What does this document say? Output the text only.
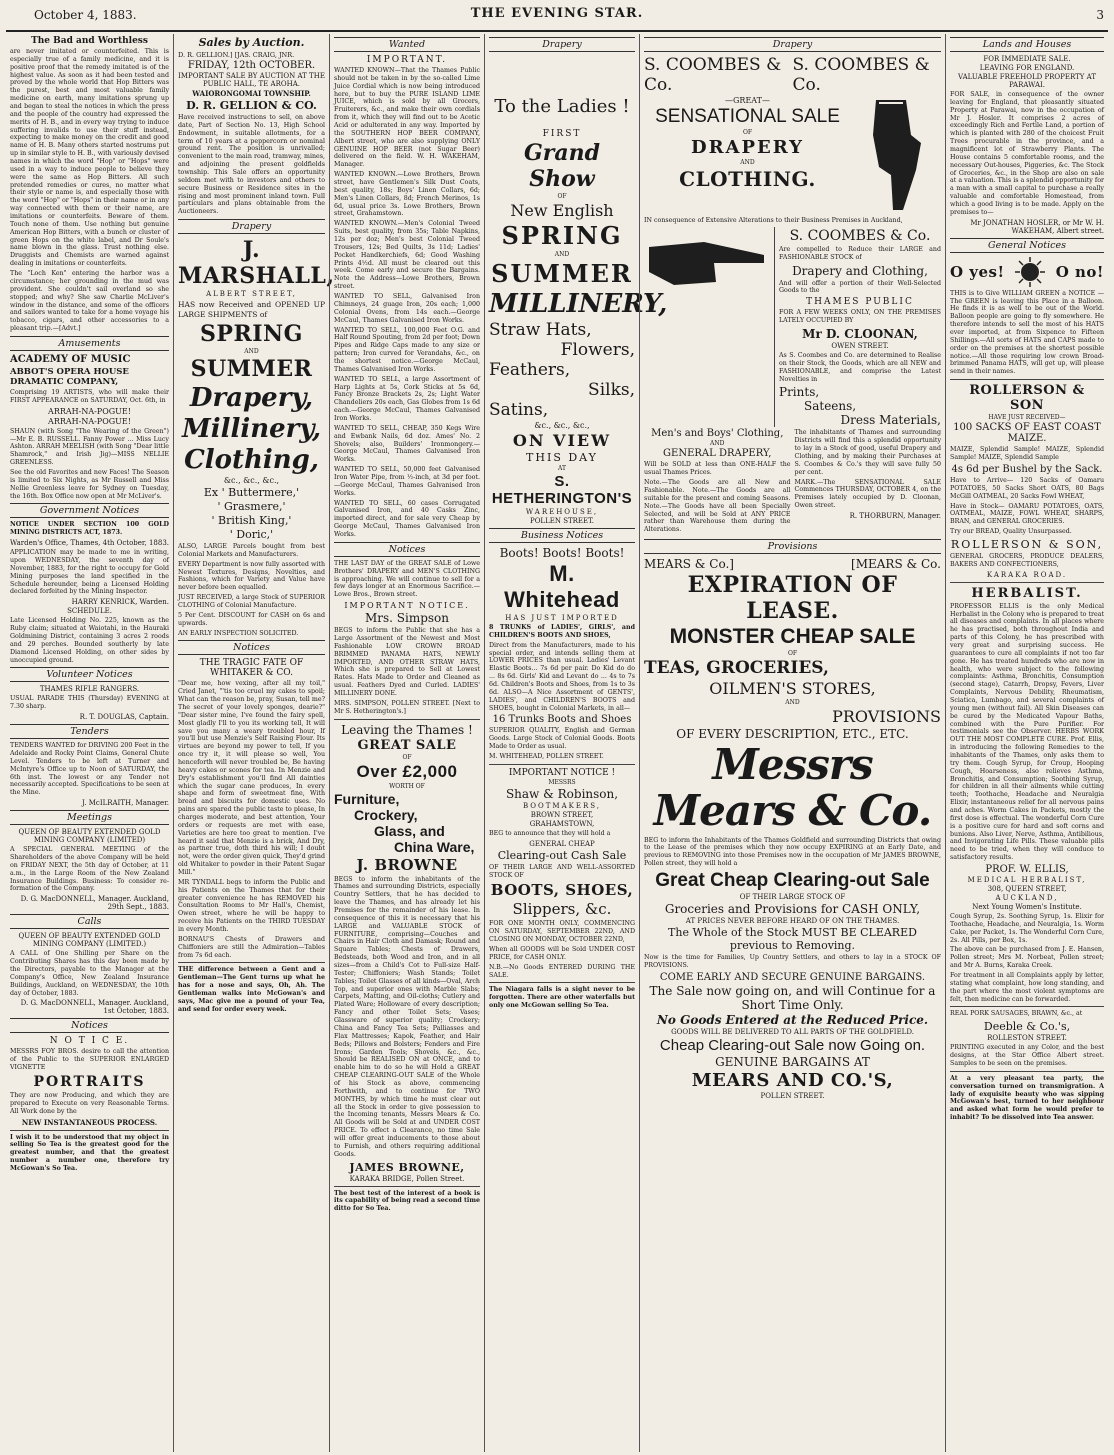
October 4, 1883.	THE EVENING STAR.	3
The Bad and Worthless

are never imitated or counterfeited. This is especially true of a family medicine, and it is positive proof that the remedy imitated is of the highest value. As soon as it had been tested and proved by the whole world that Hop Bitters was the purest, best and most valuable family medicine on earth, many imitations sprung up and began to steal the notices in which the press and the people of the country had expressed the merits of H. B., and in every way trying to induce suffering invalids to use their stuff instead, expecting to make money on the credit and good name of H. B. Many others started nostrums put up in similar style to H. B., with variously devised names in which the word "Hop" or "Hops" were used in a way to induce people to believe they were the same as Hop Bitters. All such pretended remedies or cures, no matter what their style or name is, and especially those with the word "Hop" or "Hops" in their name or in any way connected with them or their name, are imitations or counterfeits. Beware of them. Touch none of them. Use nothing but genuine American Hop Bitters, with a bunch or cluster of green Hops on the white label, and Dr Soule's name blown in the glass. Trust nothing else. Druggists and Chemists are warned against dealing in imitations or counterfeits.

The "Loch Ken" entering the harbor was a circumstance; her grounding in the mud was provident. She couldn't sail overland so she stopped; and why? She saw Charlie McLiver's window in the distance, and some of the officers and sailors wanted to take for a home voyage his tobacco, cigars, and other accessories to a pleasant trip.—[Advt.]

Amusements
ACADEMY OF MUSIC
ABBOT'S OPERA HOUSE DRAMATIC COMPANY,

Comprising 19 ARTISTS, who will make their FIRST APPEARANCE on SATURDAY, Oct. 6th, in

ARRAH-NA-POGUE!
ARRAH-NA-POGUE!

SHAUN (with Song "The Wearing of the Green")—Mr E. B. RUSSELL. Fanny Power ... Miss Lucy Ashton. ARRAH MEELISH (with Song "Dear little Shamrock," and Irish Jig)—MISS NELLIE GREENLESS.

See the old Favorites and new Faces! The Season is limited to Six Nights, as Mr Russell and Miss Nellie Greenless leave for Sydney on Tuesday, the 16th. Box Office now open at Mr McLiver's.

Government Notices

NOTICE UNDER SECTION 100 GOLD MINING DISTRICTS ACT, 1873.

Warden's Office, Thames, 4th October, 1883.

APPLICATION may be made to me in writing, upon WEDNESDAY, the seventh day of November, 1883, for the right to occupy for Gold Mining purposes the land specified in the Schedule hereunder, being a Licensed Holding declared forfeited by the Mining Inspector.

HARRY KENRICK, Warden.
SCHEDULE.

Late Licensed Holding No. 225, known as the Ruby claim; situated at Waiotahi, in the Hauraki Goldmining District, containing 3 acres 2 roods and 29 perches. Bounded southerly by late Diamond Licensed Holding, on other sides by unoccupied ground.

Volunteer Notices
THAMES RIFLE RANGERS.

USUAL PARADE THIS (Thursday) EVENING at 7.30 sharp.

R. T. DOUGLAS, Captain.
Tenders

TENDERS WANTED for DRIVING 200 Feet in the Adelaide and Rocky Point Claims, General Chute Level. Tenders to be left at Turner and McIntyre's Office up to Noon of SATURDAY, the 6th inst. The lowest or any Tender not necessarily accepted. Specifications to be seen at the Mine.

J. McILRAITH, Manager.
Meetings
QUEEN OF BEAUTY EXTENDED GOLD MINING COMPANY (LIMITED)

A SPECIAL GENERAL MEETING of the Shareholders of the above Company will be held on FRIDAY NEXT, the 5th day of October, at 11 a.m., in the Large Room of the New Zealand Insurance Buildings. Business: To consider re-formation of the Company.

D. G. MacDONNELL, Manager. Auckland, 29th Sept., 1883.
Calls
QUEEN OF BEAUTY EXTENDED GOLD MINING COMPANY (LIMITED.)

A CALL of One Shilling per Share on the Contributing Shares has this day been made by the Directors, payable to the Manager at the Company's Office, New Zealand Insurance Buildings, Auckland, on WEDNESDAY, the 10th day of October, 1883.

D. G. MacDONNELL, Manager. Auckland, 1st October, 1883.
Notices
N O T I C E.

MESSRS FOY BROS. desire to call the attention of the Public to the SUPERIOR ENLARGED VIGNETTE

PORTRAITS

They are now Producing, and which they are prepared to Execute on very Reasonable Terms. All Work done by the

NEW INSTANTANEOUS PROCESS.

I wish it to be understood that my object in selling So Tea is the greatest good for the greatest number, and that the greatest number a number one, therefore try McGowan's So Tea.

Sales by Auction.
D. R. GELLION.] [JAS. CRAIG, JNR.
FRIDAY, 12th OCTOBER.
IMPORTANT SALE BY AUCTION AT THE PUBLIC HALL, TE AROHA.
WAIORONGOMAI TOWNSHIP.
D. R. GELLION & CO.

Have received instructions to sell, on above date, Part of Section No. 13, High School Endowment, in suitable allotments, for a term of 10 years at a peppercorn or nominal ground rent. The position is unrivalled; convenient to the main road, tramway, mines, and adjoining the present goldfields township. This Sale offers an opportunity seldom met with to investors and others to secure Business or Residence sites in the rising and most prominent inland town. Full particulars and plans obtainable from the Auctioneers.

Drapery
J. MARSHALL,
ALBERT STREET,

HAS now Received and OPENED UP LARGE SHIPMENTS of

SPRING
AND
SUMMER
Drapery,
Millinery,
Clothing,
&c., &c., &c.,
Ex ' Buttermere,'
' Grasmere,'
' British King,'
' Doric,'

ALSO, LARGE Parcels bought from best Colonial Markets and Manufacturers.

EVERY Department is now fully assorted with Newest Textures, Designs, Novelties, and Fashions, which for Variety and Value have never before been equalled.

JUST RECEIVED, a large Stock of SUPERIOR CLOTHING of Colonial Manufacture.

5 Per Cent. DISCOUNT for CASH on 6s and upwards.

AN EARLY INSPECTION SOLICITED.

Notices
THE TRAGIC FATE OF WHITAKER & CO.

"Dear me, how vexing, after all my toil," Cried Janet, "'tis too cruel my cakes to spoil; What can the reason be, pray, Susan, tell me? The secret of your lovely sponges, dearie?" "Dear sister mine, I've found the fairy spell, Most gladly I'll to you its working tell, It will save you many a weary troubled hour, If you'll but use Menzie's Self Raising Flour. Its virtues are beyond my power to tell, If you once try it, it will please so well, You henceforth will never troubled be, Be having heavy cakes or scones for tea. In Menzie and Dry's establishment you'll find All dainties which the sugar cane produces, In every shape and form of sweetmeat fine, With bread and biscuits for domestic uses. No pains are spared the public taste to please, In charges moderate, and best attention, Your orders or requests are met with ease, Varieties are here too great to mention. I've heard it said that Menzie is a brick, And Dry, as partner true, doth third his will; I doubt not, were the order given quick, They'd grind old Whitaker to powder in their Patent Sugar Mill."

MR TYNDALL begs to inform the Public and his Patients on the Thames that for their greater convenience he has REMOVED his Consultation Rooms to Mr Hall's, Chemist, Owen street, where he will be happy to receive his Patients on the THIRD TUESDAY in every Month.

BORNAU'S Chests of Drawers and Chiffoniers are still the Admiration—Tables from 7s 6d each.

THE difference between a Gent and a Gentleman—The Gent turns up what he has for a nose and says, Oh, Ah. The Gentleman walks into McGowan's and says, Mac give me a pound of your Tea, and send for order every week.

Wanted
IMPORTANT.

WANTED KNOWN—That the Thames Public should not be taken in by the so-called Lime Juice Cordial which is now being introduced here, but to buy the PURE ISLAND LIME JUICE, which is sold by all Grocers, Fruiterers, &c., and make their own cordials from it, which they will find out to be Acetic Acid or adulterated in any way. Imported by the SOUTHERN HOP BEER COMPANY, Albert street, who are also supplying ONLY GENUINE HOP BEER (not Sugar Beer) delivered on the field. W. H. WAKEHAM, Manager.

WANTED KNOWN.—Lowe Brothers, Brown street, have Gentlemen's Silk Dust Coats, best quality, 18s; Boys' Linen Collars, 6d; Men's Linen Collars, 8d; French Merinos, 1s 6d, usual price 3s. Lowe Brothers, Brown street, Grahamstown.

WANTED KNOWN.—Men's Colonial Tweed Suits, best quality, from 35s; Table Napkins, 12s per doz; Men's best Colonial Tweed Trousers, 12s; Bed Quilts, 3s 11d; Ladies' Pocket Handkerchiefs, 6d; Good Washing Prints 4½d. All must be cleared out this week. Come early and secure the Bargains. Note the Address—Lowe Brothers, Brown street.

WANTED TO SELL, Galvanised Iron Chimneys, 24 guage Iron, 20s each; 1,000 Colonial Ovens, from 14s each.—George McCaul, Thames Galvanised Iron Works.

WANTED TO SELL, 100,000 Feet O.G. and Half Round Spouting, from 2d per foot; Down Pipes and Ridge Caps made to any size or pattern; Iron curved for Verandahs, &c., on the shortest notice.—George McCaul, Thames Galvanised Iron Works.

WANTED TO SELL, a large Assortment of Harp Lights at 5s, Cork Sticks at 5s 6d, Fancy Bronze Brackets 2s, 2s; Light Water Chandeliers 20s each, Gas Globes from 1s 6d each.—George McCaul, Thames Galvanised Iron Works.

WANTED TO SELL, CHEAP, 350 Kegs Wire and Ewbank Nails, 6d doz. Ames' No. 2 Shovels; also, Builders' Ironmongery.—George McCaul, Thames Galvanised Iron Works.

WANTED TO SELL, 50,000 feet Galvanised Iron Water Pipe, from ½-inch, at 3d per foot.—George McCaul, Thames Galvanised Iron Works.

WANTED TO SELL, 60 cases Corrugated Galvanised Iron, and 40 Casks Zinc, imported direct, and for sale very Cheap by George McCaul, Thames Galvanised Iron Works.

Notices

THE LAST DAY of the GREAT SALE of Lowe Brothers' DRAPERY and MEN'S CLOTHING is approaching. We will continue to sell for a few days longer at an Enormous Sacrifice.—Lowe Bros., Brown street.

IMPORTANT NOTICE.
Mrs. Simpson

BEGS to inform the Public that she has a Large Assortment of the Newest and Most Fashionable LOW CROWN BROAD BRIMMED PANAMA HATS, NEWLY IMPORTED, AND OTHER STRAW HATS, Which she is prepared to Sell at Lowest Rates. Hats Made to Order and Cleaned as usual. Feathers Dyed and Curled. LADIES' MILLINERY DONE.

MRS. SIMPSON, POLLEN STREET. [Next to Mr S. Hetherington's.]

Leaving the Thames !
GREAT SALE
OF
Over £2,000
WORTH OF
Furniture,
Crockery,
Glass, and
China Ware,
J. BROWNE

BEGS to inform the inhabitants of the Thames and surrounding Districts, especially Country Settlers, that he has decided to leave the Thames, and has already let his Premises for the remainder of his lease. In consequence of this it is necessary that his LARGE and VALUABLE STOCK of FURNITURE, comprising—Couches and Chairs in Hair Cloth and Damask; Round and Square Tables; Chests of Drawers, Bedsteads, both Wood and Iron, and in all sizes—from a Child's Cot to Full-size Half-Tester; Chiffoniers; Wash Stands; Toilet Tables; Toilet Glasses of all kinds—Oval, Arch Top, and superior ones with Marble Slabs; Carpets, Matting, and Oil-cloths; Cutlery and Plated Ware; Holloware of every description; Fancy and other Toilet Sets; Vases; Glassware of superior quality; Crockery; China and Fancy Tea Sets; Palliasses and Flax Mattresses; Kapok, Feather, and Hair Beds; Pillows and Bolsters; Fenders and Fire Irons; Garden Tools; Shovels, &c., &c., Should be REALISED ON at ONCE, and to enable him to do so he will Hold a GREAT CHEAP CLEARING-OUT SALE of the Whole of his Stock as above, commencing Forthwith, and to continue for TWO MONTHS, by which time he must clear out all the Stock in order to give possession to the Incoming tenants, Messrs Mears & Co. All Goods will be Sold at and UNDER COST PRICE. To effect a Clearance, no time Sale will offer great inducements to those about to Furnish, and others requiring additional Goods.

JAMES BROWNE,
KARAKA BRIDGE, Pollen Street.

The best test of the interest of a book is its capability of being read a second time ditto for So Tea.

Drapery
To the Ladies !
FIRST
Grand Show
OF
New English
SPRING
AND
SUMMER
MILLINERY,
Straw Hats,
Flowers,
Feathers,
Silks,
Satins,
&c., &c., &c.,
ON VIEW
THIS DAY
AT
S. HETHERINGTON'S
WAREHOUSE,
POLLEN STREET.
Business Notices
Boots! Boots! Boots!
M. Whitehead
HAS JUST IMPORTED

8 TRUNKS of LADIES', GIRLS', and CHILDREN'S BOOTS AND SHOES,

Direct from the Manufacturers, made to his special order, and intends selling them at LOWER PRICES than usual. Ladies' Levant Elastic Boots... 7s 6d per pair. Do Kid do do ... 8s 6d. Girls' Kid and Levant do ... 4s to 7s 6d. Children's Boots and Shoes, from 1s to 3s 6d. ALSO—A Nice Assortment of GENTS', LADIES', and CHILDREN'S BOOTS and SHOES, bought in Colonial Markets, in all—

16 Trunks Boots and Shoes

SUPERIOR QUALITY, English and German Goods. Large Stock of Colonial Goods. Boots Made to Order as usual.

M. WHITEHEAD, POLLEN STREET.

IMPORTANT NOTICE !
MESSRS
Shaw & Robinson,
BOOTMAKERS,
BROWN STREET,
GRAHAMSTOWN,

BEG to announce that they will hold a

GENERAL CHEAP
Clearing-out Cash Sale

OF THEIR LARGE AND WELL-ASSORTED STOCK OF

BOOTS, SHOES,
Slippers, &c.

FOR ONE MONTH ONLY, COMMENCING ON SATURDAY, SEPTEMBER 22ND, AND CLOSING ON MONDAY, OCTOBER 22ND,

When all GOODS will be Sold UNDER COST PRICE, for CASH ONLY.

N.B.—No Goods ENTERED DURING THE SALE.

The Niagara falls is a sight never to be forgotten. There are other waterfalls but only one McGowan selling So Tea.

Drapery
S. COOMBES & Co.
S. COOMBES & Co.
—GREAT—
SENSATIONAL SALE
OF
DRAPERY
AND
CLOTHING.

IN consequence of Extensive Alterations to their Business Premises in Auckland,

S. COOMBES & Co.

Are compelled to Reduce their LARGE and FASHIONABLE STOCK of

Drapery and Clothing,

And will offer a portion of their Well-Selected Goods to the

THAMES PUBLIC

FOR A FEW WEEKS ONLY, ON THE PREMISES LATELY OCCUPIED BY

Mr D. CLOONAN,
OWEN STREET.

As S. Coombes and Co. are determined to Realise on their Stock, the Goods, which are all NEW and FASHIONABLE, and comprise the Latest Novelties in

Prints,
Sateens,
Dress Materials,
Men's and Boys' Clothing,
AND
GENERAL DRAPERY,

Will be SOLD at less than ONE-HALF the usual Thames Prices.

Note.—The Goods are all New and Fashionable. Note.—The Goods are all suitable for the present and coming Seasons. Note.—The Goods have all been Specially Selected, and will be Sold at ANY PRICE rather than Warehouse them during the Alterations.

The inhabitants of Thames and surrounding Districts will find this a splendid opportunity to lay in a Stock of good, useful Drapery and Clothing, and by making their Purchases at S. Coombes & Co.'s they will save fully 50 per cent.

MARK.—The SENSATIONAL SALE Commences THURSDAY, OCTOBER 4, on the Premises lately occupied by D. Cloonan, Owen street.

R. THORBURN, Manager.
Provisions
MEARS & Co.]	[MEARS & Co.
EXPIRATION OF LEASE.
MONSTER CHEAP SALE
OF
TEAS, GROCERIES,
OILMEN'S STORES,
AND
PROVISIONS
OF EVERY DESCRIPTION, ETC., ETC.
Messrs Mears & Co.

BEG to inform the Inhabitants of the Thames Goldfield and surrounding Districts that owing to the Lease of the premises which they now occupy EXPIRING at an Early Date, and previous to REMOVING into those Premises now in the occupation of Mr JAMES BROWNE, Pollen street, they will hold a

Great Cheap Clearing-out Sale
OF THEIR LARGE STOCK OF
Groceries and Provisions for CASH ONLY,
AT PRICES NEVER BEFORE HEARD OF ON THE THAMES.
The Whole of the Stock MUST BE CLEARED previous to Removing.

Now is the time for Families, Up Country Settlers, and others to lay in a STOCK OF PROVISIONS.

COME EARLY AND SECURE GENUINE BARGAINS.
The Sale now going on, and will Continue for a Short Time Only.
No Goods Entered at the Reduced Price.
GOODS WILL BE DELIVERED TO ALL PARTS OF THE GOLDFIELD.
Cheap Clearing-out Sale now Going on.
GENUINE BARGAINS AT
MEARS AND CO.'S,
POLLEN STREET.
Lands and Houses
FOR IMMEDIATE SALE.
LEAVING FOR ENGLAND.
VALUABLE FREEHOLD PROPERTY AT PARAWAI.

FOR SALE, in consequence of the owner leaving for England, that pleasantly situated Property at Parawai, now in the occupation of Mr J. Hosler. It comprises 2 acres of exceedingly Rich and Fertile Land, a portion of which is planted with 280 of the choicest Fruit Trees procurable in the province, and a magnificent lot of Strawberry Plants. The House contains 5 comfortable rooms, and the necessary Out-houses, Piggeries, &c. The Stock of Groceries, &c., in the Shop are also on sale at a valuation. This is a splendid opportunity for a man with a small capital to purchase a really valuable and comfortable Homestead, from which a good living is to be made. Apply on the premises to—

Mr JONATHAN HOSLER, or Mr W. H. WAKEHAM, Albert street.
General Notices
O yes!	O no!

THIS is to Give WILLIAM GREEN a NOTICE — The GREEN is leaving this Place in a Balloon. He finds it is as well to be out of the World. Balloon people are going to fly somewhere. He therefore intends to sell the most of his HATS ever imported, at from Sixpence to Fifteen Shillings.—All sorts of HATS and CAPS made to order on the premises at the shortest possible notice.—All those requiring low crown Broad-brimmed Panama HATS, will get up, will please send in their names.

ROLLERSON & SON
HAVE JUST RECEIVED—
100 SACKS OF EAST COAST MAIZE.

MAIZE, Splendid Sample! MAIZE, Splendid Sample! MAIZE, Splendid Sample

4s 6d per Bushel by the Sack.

Have to Arrive— 120 Sacks of Oamaru POTATOES, 50 Sacks Short OATS, 80 Bags McGill OATMEAL, 20 Sacks Fowl WHEAT,

Have in Stock— OAMARU POTATOES, OATS, OATMEAL, MAIZE, FOWL WHEAT, SHARPS, BRAN, and GENERAL GROCERIES.

Try our BREAD, Quality Unsurpassed.

ROLLERSON & SON,

GENERAL GROCERS, PRODUCE DEALERS, BAKERS AND CONFECTIONERS,

KARAKA ROAD.
HERBALIST.

PROFESSOR ELLIS is the only Medical Herbalist in the Colony who is prepared to treat all diseases and complaints. In all places where he has practised, both throughout India and parts of this Colony, he has prescribed with very great and surprising success. He guarantees to cure all complaints if not too far gone. He has treated hundreds who are now in health, who were subject to the following complaints: Asthma, Bronchitis, Consumption (second stage), Catarrh, Dropsy, Fevers, Liver Complaints, Nervous Debility, Rheumatism, Sciatica, Lumbago, and several complaints of young men (without fail). All Skin Diseases can be cured by the Medicated Vapour Baths, combined with the Pure Purifier. For testimonials see the Observer. HERBS WORK OUT THE MOST COMPLETE CURE. Prof. Ellis, in introducing the following Remedies to the inhabitants of the Thames, only asks them to try them. Cough Syrup, for Croup, Hooping Cough, Hoarseness, also relieves Asthma, Bronchitis, and Consumption; Soothing Syrup, for children in all their ailments while cutting teeth; Toothache, Headache and Neuralgia Elixir, instantaneous relief for all nervous pains and aches. Worm Cakes in Packets, mostly the first dose is effectual. The wonderful Corn Cure is a positive cure for hard and soft corns and bunions. Also Liver, Nerve, Asthma, Antibilious, and Invigorating Life Pills. These valuable pills need to be tried, when they will conduce to satisfactory results.

PROF. W. ELLIS,
MEDICAL HERBALIST,
308, QUEEN STREET,
AUCKLAND,
Next Young Women's Institute.

Cough Syrup, 2s. Soothing Syrup, 1s. Elixir for Toothache, Headache, and Neuralgia, 1s. Worm Cake, per Packet, 1s. The Wonderful Corn Cure, 2s. All Pills, per Box, 1s.

The above can be purchased from J. E. Hansen, Pollen street; Mrs M. Norbeat, Pollen street; and Mr A. Burns, Karaka Creek.

For treatment in all Complaints apply by letter, stating what complaint, how long standing, and the part where the most violent symptoms are felt, then medicine can be forwarded.

REAL PORK SAUSAGES, BRAWN, &c., at

Deeble & Co.'s,
ROLLESTON STREET.

PRINTING executed in any Color, and the best designs, at the Star Office Albert street. Samples to be seen on the premises.

At a very pleasant tea party, the conversation turned on transmigration. A lady of exquisite beauty who was sipping McGowan's best, turned to her neighbour and asked what form he would prefer to inhabit? To be dissolved into Tea answer.
